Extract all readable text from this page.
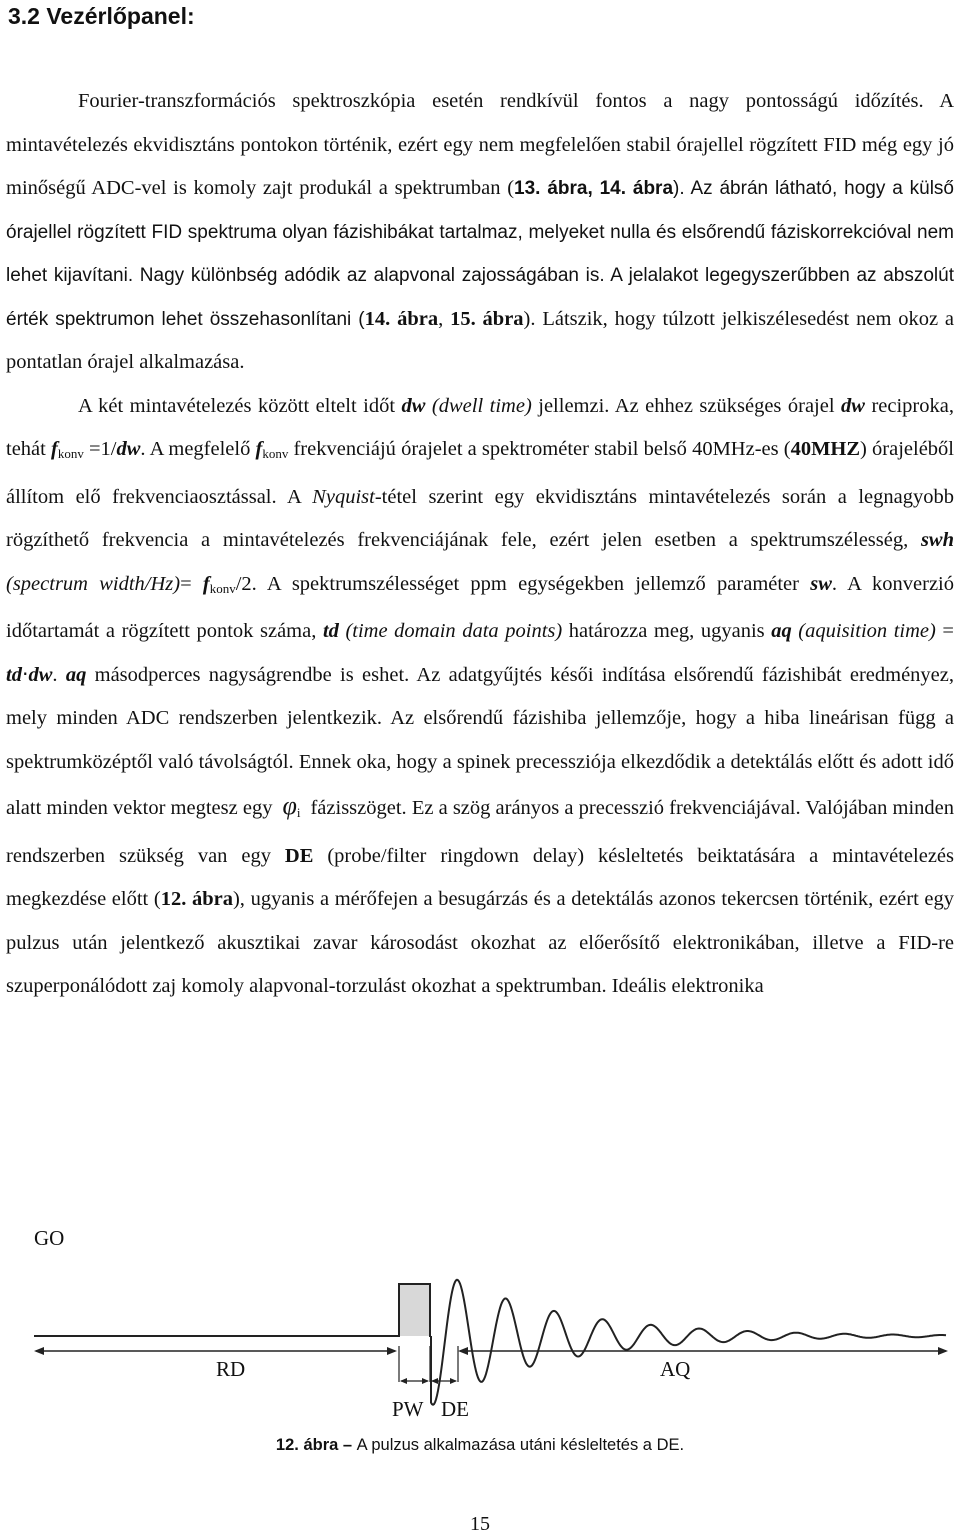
3.2 Vezérlőpanel:

Fourier-transzformációs spektroszkópia esetén rendkívül fontos a nagy pontosságú időzítés. A mintavételezés ekvidisztáns pontokon történik, ezért egy nem megfelelően stabil órajellel rögzített FID még egy jó minőségű ADC-vel is komoly zajt produkál a spektrumban (13. ábra, 14. ábra). Az ábrán látható, hogy a külső órajellel rögzített FID spektruma olyan fázishibákat tartalmaz, melyeket nulla és elsőrendű fáziskorrekcióval nem lehet kijavítani. Nagy különbség adódik az alapvonal zajosságában is. A jelalakot legegyszerűbben az abszolút érték spektrumon lehet összehasonlítani (14. ábra, 15. ábra). Látszik, hogy túlzott jelkiszélesedést nem okoz a pontatlan órajel alkalmazása.

A két mintavételezés között eltelt időt dw (dwell time) jellemzi. Az ehhez szükséges órajel dw reciproka, tehát $f_{konv} =1/dw$. A megfelelő $f_{konv}$ frekvenciájú órajelet a spektrométer stabil belső 40MHz-es (40MHZ) órajeléből állítom elő frekvenciaosztással. A Nyquist-tétel szerint egy ekvidisztáns mintavételezés során a legnagyobb rögzíthető frekvencia a mintavételezés frekvenciájának fele, ezért jelen esetben a spektrumszélesség, swh (spectrum width/Hz)= $f_{konv}/2$. A spektrumszélességet ppm egységekben jellemző paraméter sw. A konverzió időtartamát a rögzített pontok száma, td (time domain data points) határozza meg, ugyanis aq (aquisition time) = td⋅dw. aq másodperces nagyságrendbe is eshet. Az adatgyűjtés késői indítása elsőrendű fázishibát eredményez, mely minden ADC rendszerben jelentkezik. Az elsőrendű fázishiba jellemzője, hogy a hiba lineárisan függ a spektrumközéptől való távolságtól. Ennek oka, hogy a spinek precessziója elkezdődik a detektálás előtt és adott idő alatt minden vektor megtesz egy $\varphi_i$ fázisszöget. Ez a szög arányos a precesszió frekvenciájával. Valójában minden rendszerben szükség van egy DE (probe/filter ringdown delay) késleltetés beiktatására a mintavételezés megkezdése előtt (12. ábra), ugyanis a mérőfejen a besugárzás és a detektálás azonos tekercsen történik, ezért egy pulzus után jelentkező akusztikai zavar károsodást okozhat az előerősítő elektronikában, illetve a FID-re szuperponálódott zaj komoly alapvonal-torzulást okozhat a spektrumban. Ideális elektronika

GO
RD	AQ
PW DE
12. ábra – A pulzus alkalmazása utáni késleltetés a DE.
15
